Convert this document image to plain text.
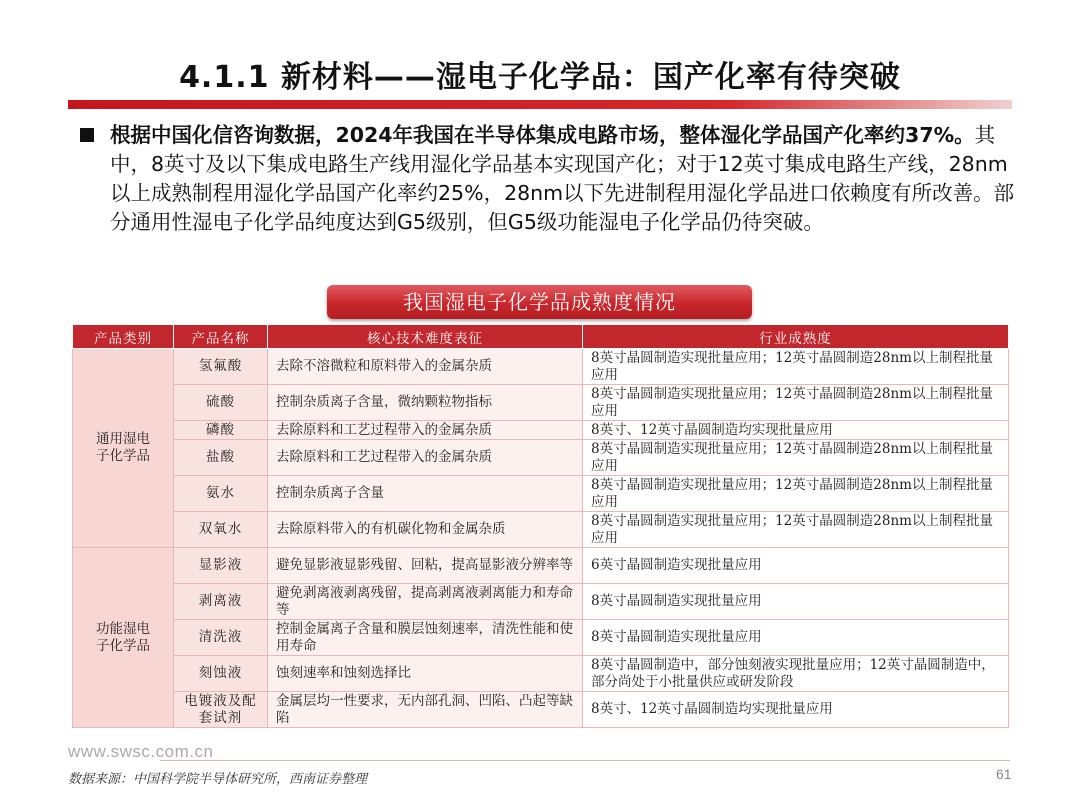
4.1.1 新材料——湿电子化学品：国产化率有待突破
根据中国化信咨询数据，2024年我国在半导体集成电路市场，整体湿化学品国产化率约37%。其中，8英寸及以下集成电路生产线用湿化学品基本实现国产化；对于12英寸集成电路生产线，28nm以上成熟制程用湿化学品国产化率约25%，28nm以下先进制程用湿化学品进口依赖度有所改善。部分通用性湿电子化学品纯度达到G5级别，但G5级功能湿电子化学品仍待突破。
我国湿电子化学品成熟度情况
产品类别	产品名称	核心技术难度表征	行业成熟度
通用湿电子化学品	氢氟酸	去除不溶微粒和原料带入的金属杂质	8英寸晶圆制造实现批量应用；12英寸晶圆制造28nm以上制程批量应用
	硫酸	控制杂质离子含量，微纳颗粒物指标	8英寸晶圆制造实现批量应用；12英寸晶圆制造28nm以上制程批量应用
	磷酸	去除原料和工艺过程带入的金属杂质	8英寸、12英寸晶圆制造均实现批量应用
	盐酸	去除原料和工艺过程带入的金属杂质	8英寸晶圆制造实现批量应用；12英寸晶圆制造28nm以上制程批量应用
	氨水	控制杂质离子含量	8英寸晶圆制造实现批量应用；12英寸晶圆制造28nm以上制程批量应用
	双氧水	去除原料带入的有机碳化物和金属杂质	8英寸晶圆制造实现批量应用；12英寸晶圆制造28nm以上制程批量应用
功能湿电子化学品	显影液	避免显影液显影残留、回粘，提高显影液分辨率等	6英寸晶圆制造实现批量应用
	剥离液	避免剥离液剥离残留，提高剥离液剥离能力和寿命等	8英寸晶圆制造实现批量应用
	清洗液	控制金属离子含量和膜层蚀刻速率，清洗性能和使用寿命	8英寸晶圆制造实现批量应用
	刻蚀液	蚀刻速率和蚀刻选择比	8英寸晶圆制造中，部分蚀刻液实现批量应用；12英寸晶圆制造中，部分尚处于小批量供应或研发阶段
	电镀液及配套试剂	金属层均一性要求，无内部孔洞、凹陷、凸起等缺陷	8英寸、12英寸晶圆制造均实现批量应用
www.swsc.com.cn
数据来源：中国科学院半导体研究所，西南证券整理	61
